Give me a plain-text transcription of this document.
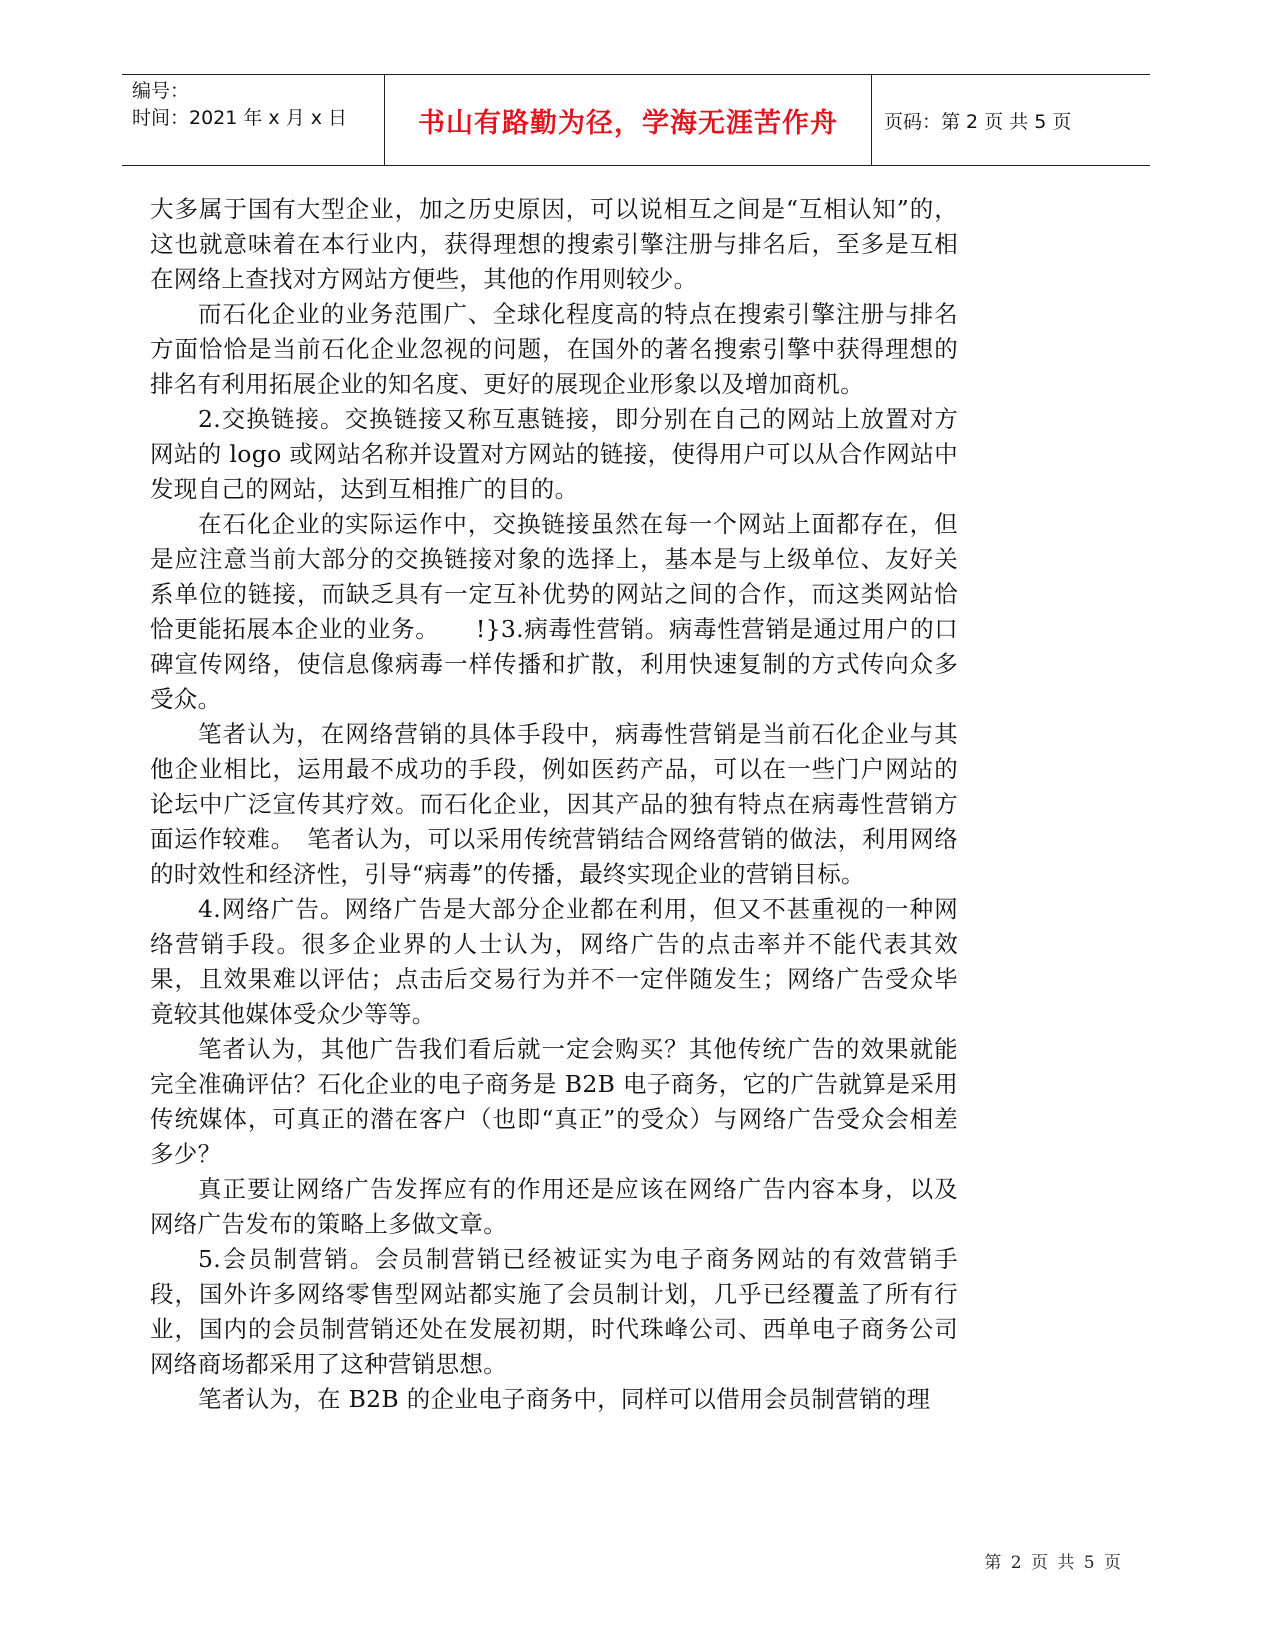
编号：
时间：2021 年 x 月 x 日	书山有路勤为径，学海无涯苦作舟 页码：第 2 页 共 5 页

大多属于国有大型企业，加之历史原因，可以说相互之间是“互相认知”的，这也就意味着在本行业内，获得理想的搜索引擎注册与排名后，至多是互相在网络上查找对方网站方便些，其他的作用则较少。

而石化企业的业务范围广、全球化程度高的特点在搜索引擎注册与排名方面恰恰是当前石化企业忽视的问题，在国外的著名搜索引擎中获得理想的排名有利用拓展企业的知名度、更好的展现企业形象以及增加商机。

2.交换链接。交换链接又称互惠链接，即分别在自己的网站上放置对方网站的 logo 或网站名称并设置对方网站的链接，使得用户可以从合作网站中发现自己的网站，达到互相推广的目的。

在石化企业的实际运作中，交换链接虽然在每一个网站上面都存在，但是应注意当前大部分的交换链接对象的选择上，基本是与上级单位、友好关系单位的链接，而缺乏具有一定互补优势的网站之间的合作，而这类网站恰恰更能拓展本企业的业务。　　!}3.病毒性营销。病毒性营销是通过用户的口碑宣传网络，使信息像病毒一样传播和扩散，利用快速复制的方式传向众多受众。

笔者认为，在网络营销的具体手段中，病毒性营销是当前石化企业与其他企业相比，运用最不成功的手段，例如医药产品，可以在一些门户网站的论坛中广泛宣传其疗效。而石化企业，因其产品的独有特点在病毒性营销方面运作较难。　笔者认为，可以采用传统营销结合网络营销的做法，利用网络的时效性和经济性，引导“病毒”的传播，最终实现企业的营销目标。

4.网络广告。网络广告是大部分企业都在利用，但又不甚重视的一种网络营销手段。很多企业界的人士认为，网络广告的点击率并不能代表其效果，且效果难以评估；点击后交易行为并不一定伴随发生；网络广告受众毕竟较其他媒体受众少等等。

笔者认为，其他广告我们看后就一定会购买？其他传统广告的效果就能完全准确评估？石化企业的电子商务是 B2B 电子商务，它的广告就算是采用传统媒体，可真正的潜在客户（也即“真正”的受众）与网络广告受众会相差多少？

真正要让网络广告发挥应有的作用还是应该在网络广告内容本身，以及网络广告发布的策略上多做文章。

5.会员制营销。会员制营销已经被证实为电子商务网站的有效营销手段，国外许多网络零售型网站都实施了会员制计划，几乎已经覆盖了所有行业，国内的会员制营销还处在发展初期，时代珠峰公司、西单电子商务公司网络商场都采用了这种营销思想。

笔者认为，在 B2B 的企业电子商务中，同样可以借用会员制营销的理

第 2 页 共 5 页
